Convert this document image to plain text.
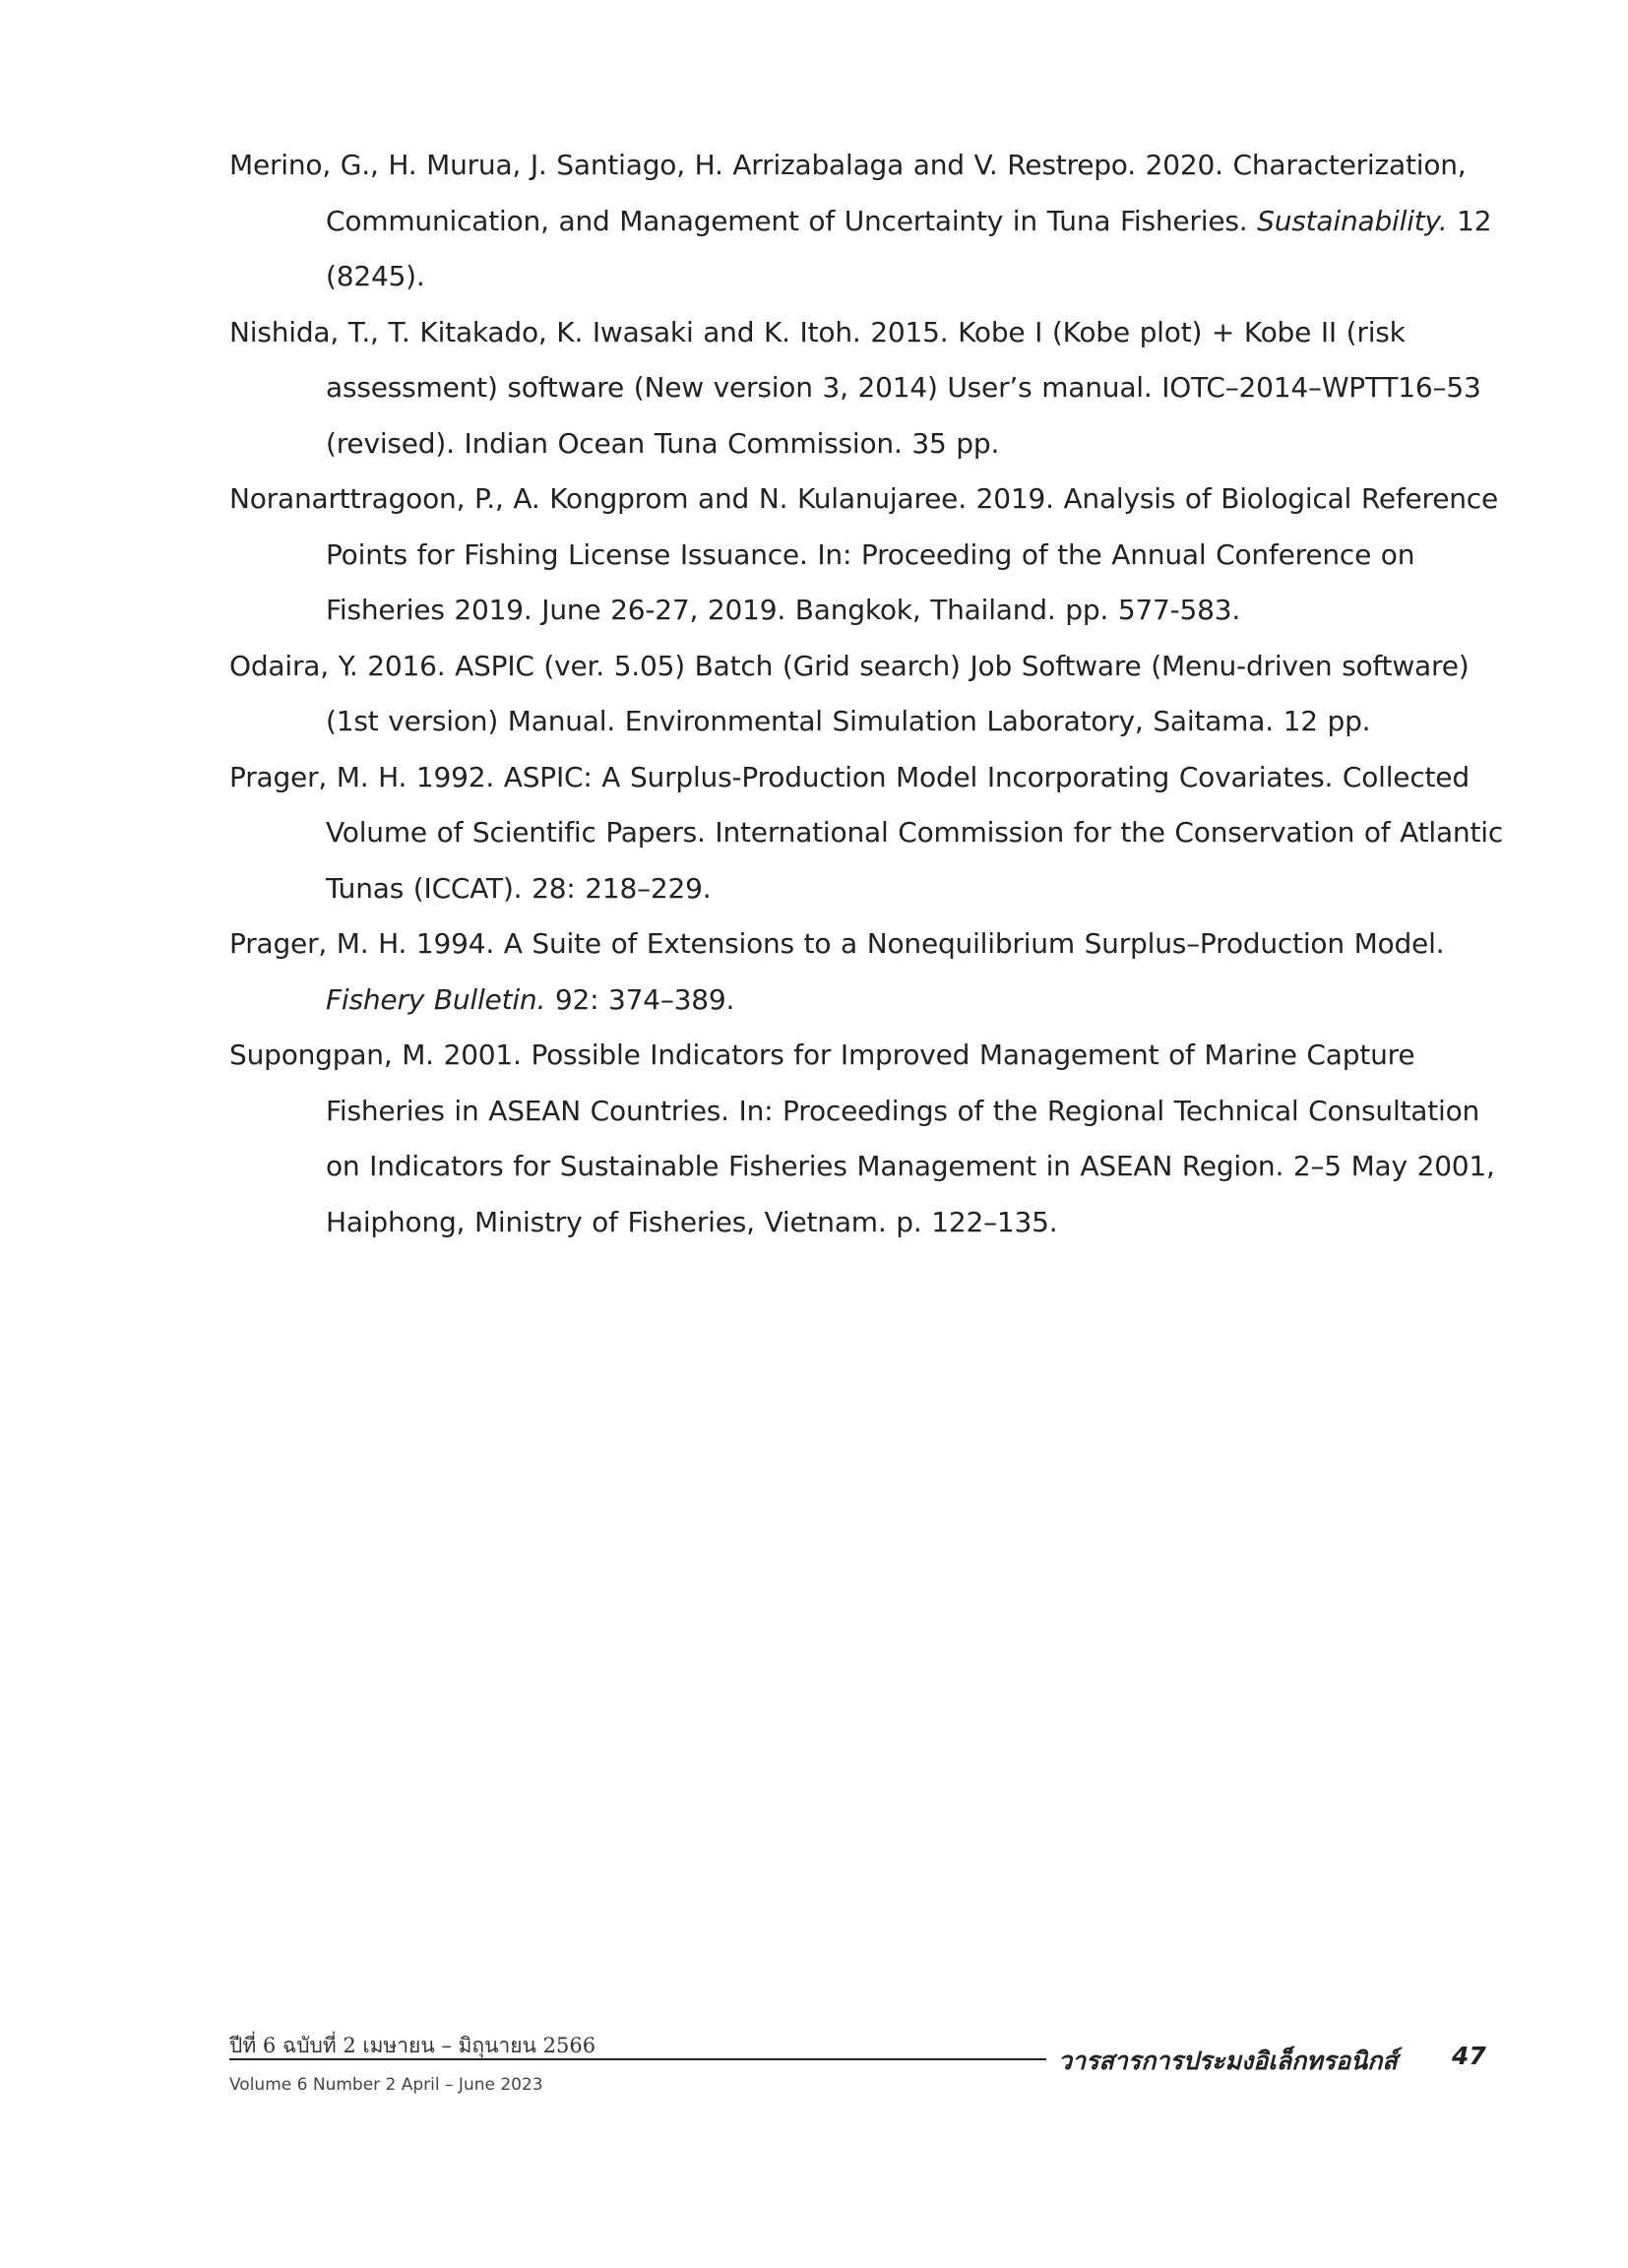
Merino, G., H. Murua, J. Santiago, H. Arrizabalaga and V. Restrepo. 2020. Characterization, Communication, and Management of Uncertainty in Tuna Fisheries. Sustainability. 12 (8245).
Nishida, T., T. Kitakado, K. Iwasaki and K. Itoh. 2015. Kobe I (Kobe plot) + Kobe II (risk assessment) software (New version 3, 2014) User’s manual. IOTC–2014–WPTT16–53 (revised). Indian Ocean Tuna Commission. 35 pp.
Noranarttragoon, P., A. Kongprom and N. Kulanujaree. 2019. Analysis of Biological Reference Points for Fishing License Issuance. In: Proceeding of the Annual Conference on Fisheries 2019. June 26-27, 2019. Bangkok, Thailand. pp. 577-583.
Odaira, Y. 2016. ASPIC (ver. 5.05) Batch (Grid search) Job Software (Menu-driven software) (1st version) Manual. Environmental Simulation Laboratory, Saitama. 12 pp.
Prager, M. H. 1992. ASPIC: A Surplus-Production Model Incorporating Covariates. Collected Volume of Scientific Papers. International Commission for the Conservation of Atlantic Tunas (ICCAT). 28: 218–229.
Prager, M. H. 1994. A Suite of Extensions to a Nonequilibrium Surplus–Production Model. Fishery Bulletin. 92: 374–389.
Supongpan, M. 2001. Possible Indicators for Improved Management of Marine Capture Fisheries in ASEAN Countries. In: Proceedings of the Regional Technical Consultation on Indicators for Sustainable Fisheries Management in ASEAN Region. 2–5 May 2001, Haiphong, Ministry of Fisheries, Vietnam. p. 122–135.
ปีที่ 6 ฉบับที่ 2 เมษายน – มิถุนายน 2566
วารสารการประมงอิเล็กทรอนิกส์ 47
Volume 6 Number 2 April – June 2023
